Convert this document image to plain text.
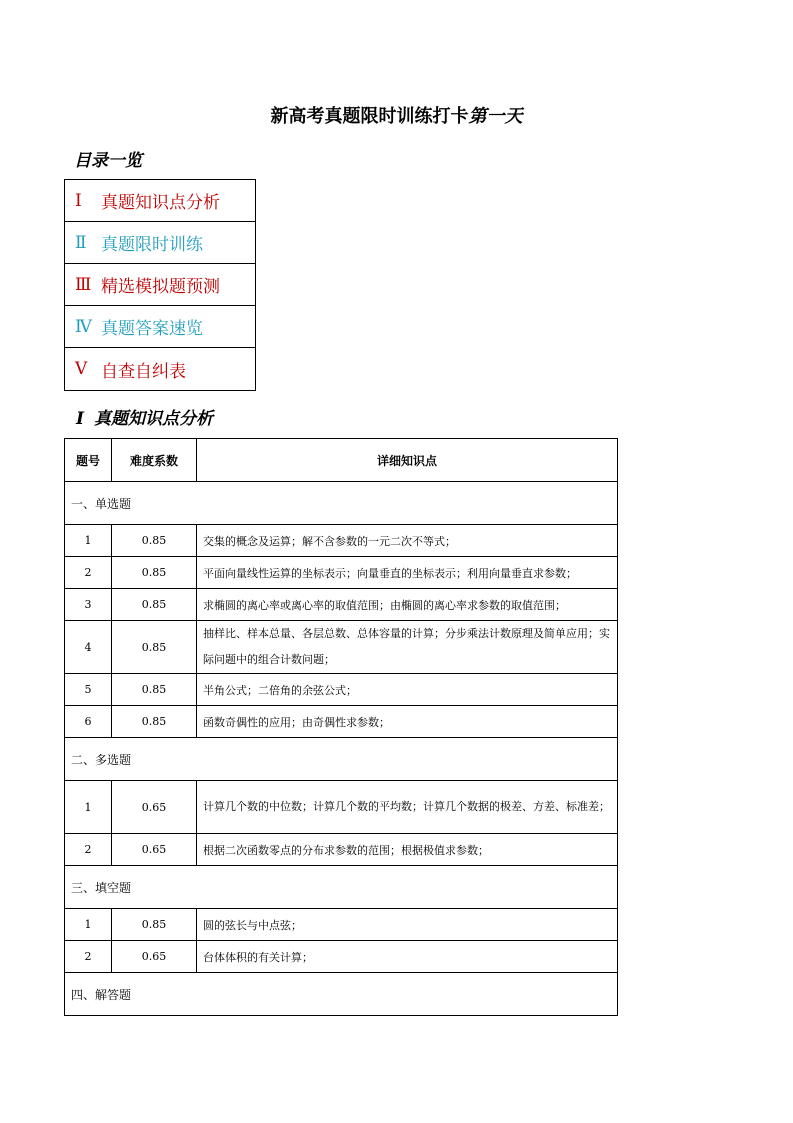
新高考真题限时训练打卡第一天
目录一览
Ⅰ	真题知识点分析
Ⅱ 真题限时训练
Ⅲ 精选模拟题预测
Ⅳ 真题答案速览
Ⅴ 自查自纠表
Ⅰ 真题知识点分析
题号	难度系数	详细知识点
一、单选题		
1	0.85	交集的概念及运算；解不含参数的一元二次不等式；
2	0.85	平面向量线性运算的坐标表示；向量垂直的坐标表示；利用向量垂直求参数；
3	0.85	求椭圆的离心率或离心率的取值范围；由椭圆的离心率求参数的取值范围；
4	0.85	抽样比、样本总量、各层总数、总体容量的计算；分步乘法计数原理及简单应用；实际问题中的组合计数问题；
5	0.85	半角公式；二倍角的余弦公式；
6	0.85	函数奇偶性的应用；由奇偶性求参数；
二、多选题		
1	0.65	计算几个数的中位数；计算几个数的平均数；计算几个数据的极差、方差、标准差；
2	0.65	根据二次函数零点的分布求参数的范围；根据极值求参数；
三、填空题		
1	0.85	圆的弦长与中点弦；
2	0.65	台体体积的有关计算；
四、解答题		
